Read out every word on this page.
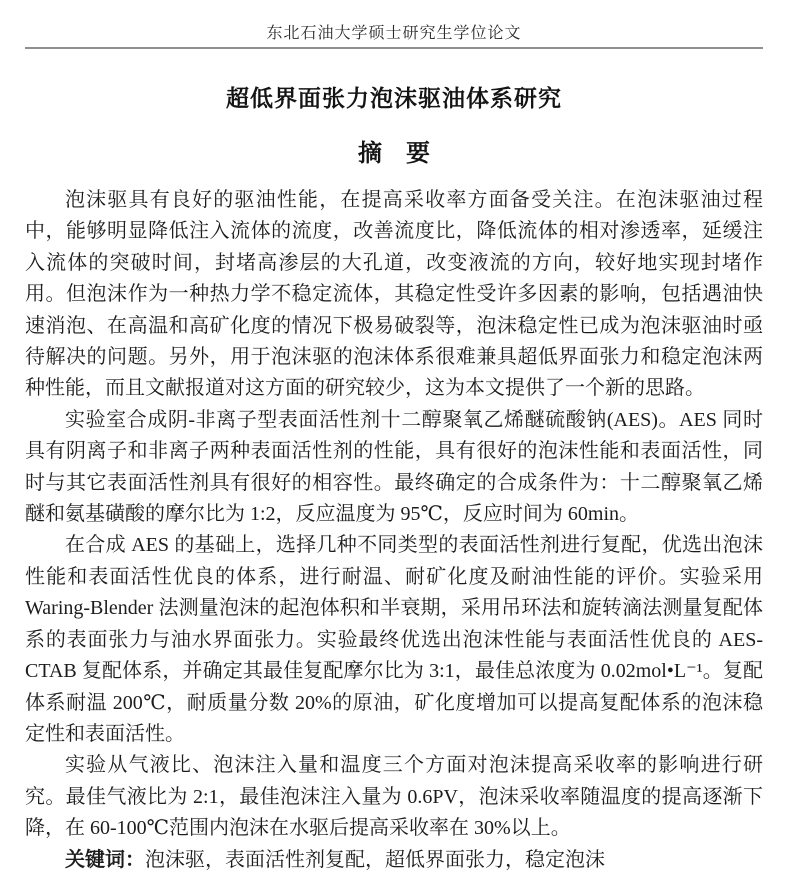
东北石油大学硕士研究生学位论文
超低界面张力泡沫驱油体系研究
摘　要

泡沫驱具有良好的驱油性能，在提高采收率方面备受关注。在泡沫驱油过程中，能够明显降低注入流体的流度，改善流度比，降低流体的相对渗透率，延缓注入流体的突破时间，封堵高渗层的大孔道，改变液流的方向，较好地实现封堵作用。但泡沫作为一种热力学不稳定流体，其稳定性受许多因素的影响，包括遇油快速消泡、在高温和高矿化度的情况下极易破裂等，泡沫稳定性已成为泡沫驱油时亟待解决的问题。另外，用于泡沫驱的泡沫体系很难兼具超低界面张力和稳定泡沫两种性能，而且文献报道对这方面的研究较少，这为本文提供了一个新的思路。

实验室合成阴-非离子型表面活性剂十二醇聚氧乙烯醚硫酸钠(AES)。AES 同时具有阴离子和非离子两种表面活性剂的性能，具有很好的泡沫性能和表面活性，同时与其它表面活性剂具有很好的相容性。最终确定的合成条件为：十二醇聚氧乙烯醚和氨基磺酸的摩尔比为 1:2，反应温度为 95℃，反应时间为 60min。

在合成 AES 的基础上，选择几种不同类型的表面活性剂进行复配，优选出泡沫性能和表面活性优良的体系，进行耐温、耐矿化度及耐油性能的评价。实验采用 Waring-Blender 法测量泡沫的起泡体积和半衰期，采用吊环法和旋转滴法测量复配体系的表面张力与油水界面张力。实验最终优选出泡沫性能与表面活性优良的 AES-CTAB 复配体系，并确定其最佳复配摩尔比为 3:1，最佳总浓度为 0.02mol•L⁻¹。复配体系耐温 200℃，耐质量分数 20%的原油，矿化度增加可以提高复配体系的泡沫稳定性和表面活性。

实验从气液比、泡沫注入量和温度三个方面对泡沫提高采收率的影响进行研究。最佳气液比为 2:1，最佳泡沫注入量为 0.6PV，泡沫采收率随温度的提高逐渐下降，在 60-100℃范围内泡沫在水驱后提高采收率在 30%以上。

关键词：泡沫驱，表面活性剂复配，超低界面张力，稳定泡沫
